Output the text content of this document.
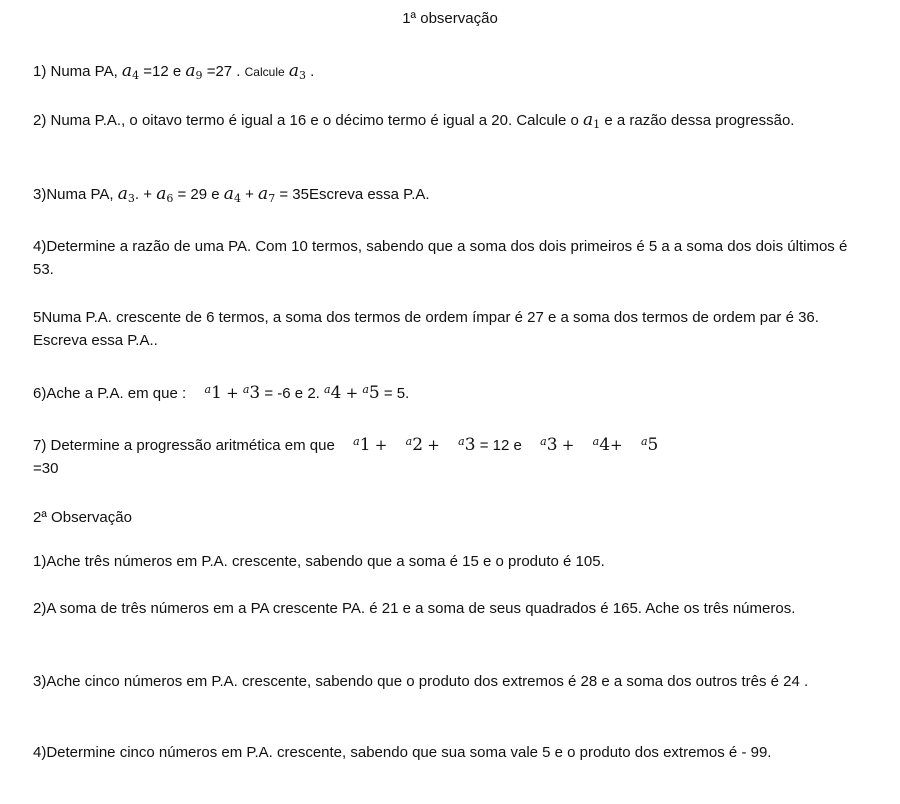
1ª observação

1) Numa PA, $a_4 =12$ e $a_9 =27$ . Calcule $a_3$ .

2) Numa P.A., o oitavo termo é igual a 16 e o décimo termo é igual a 20. Calcule o $a_1$ e a razão dessa progressão.

3)Numa PA, $a_3$. + $a_6 = 29$ e $a_4 + a_7$ = 35Escreva essa P.A.

4)Determine a razão de uma PA. Com 10 termos, sabendo que a soma dos dois primeiros é 5 a a soma dos dois últimos é 53.

5Numa P.A. crescente de 6 termos, a soma dos termos de ordem ímpar é 27 e a soma dos termos de ordem par é 36. Escreva essa P.A..

6)Ache a P.A. em que : $^a$1 + $^a$3 = -6 e 2. $^a$4 + $^a$5 = 5.

7) Determine a progressão aritmética em que $^a$1 + $^a$2 + $^a$3 = 12 e $^a$3 + $^a$4+ $^a$5
=30

2ª Observação

1)Ache três números em P.A. crescente, sabendo que a soma é 15 e o produto é 105.

2)A soma de três números em a PA crescente PA. é 21 e a soma de seus quadrados é 165. Ache os três números.

3)Ache cinco números em P.A. crescente, sabendo que o produto dos extremos é 28 e a soma dos outros três é 24 .

4)Determine cinco números em P.A. crescente, sabendo que sua soma vale 5 e o produto dos extremos é - 99.
